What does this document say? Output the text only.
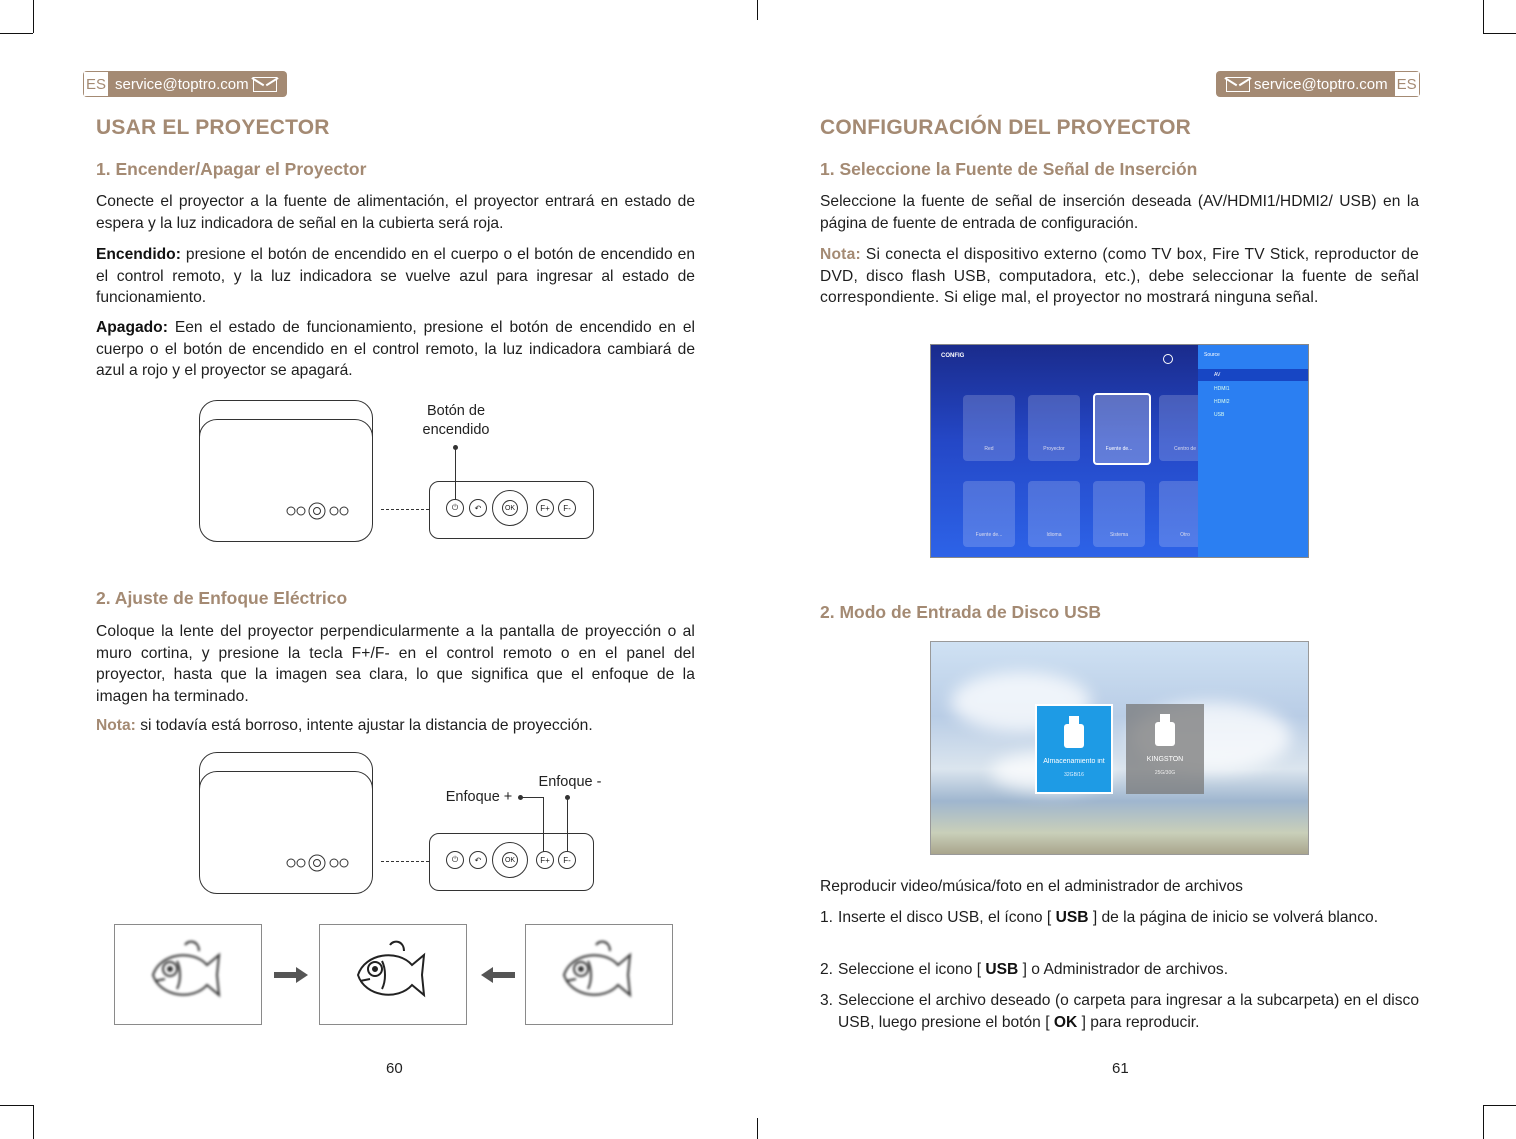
ES service@toptro.com
USAR EL PROYECTOR
1. Encender/Apagar el Proyector

Conecte el proyector a la fuente de alimentación, el proyector entrará en estado de espera y la luz indicadora de señal en la cubierta será roja.

Encendido: presione el botón de encendido en el cuerpo o el botón de encendido en el control remoto, y la luz indicadora se vuelve azul para ingresar al estado de funcionamiento.

Apagado: Een el estado de funcionamiento, presione el botón de encendido en el cuerpo o el botón de encendido en el control remoto, la luz indicadora cambiará de azul a rojo y el proyector se apagará.

⏻	↶	OK	F+	F-
Botón de
encendido
2. Ajuste de Enfoque Eléctrico

Coloque la lente del proyector perpendicularmente a la pantalla de proyección o al muro cortina, y presione la tecla F+/F- en el control remoto o en el panel del proyector, hasta que la imagen sea clara, lo que significa que el enfoque de la imagen ha terminado.

Nota: si todavía está borroso, intente ajustar la distancia de proyección.

⏻	↶	OK	F+	F-
Enfoque +
Enfoque -
60
service@toptro.com ES
CONFIGURACIÓN DEL PROYECTOR
1. Seleccione la Fuente de Señal de Inserción

Seleccione la fuente de señal de inserción deseada (AV/HDMI1/HDMI2/ USB) en la página de fuente de entrada de configuración.

Nota: Si conecta el dispositivo externo (como TV box, Fire TV Stick, reproductor de DVD, disco flash USB, computadora, etc.), debe seleccionar la fuente de señal correspondiente. Si elige mal, el proyector no mostrará ninguna señal.

CONFIG
Red	Proyector	Fuente de...	Centro de
Fuente de...	Idioma	Sistema	Otro
Source
AV
HDMI1
HDMI2
USB
2. Modo de Entrada de Disco USB
Almacenamiento int
32GB/16
KINGSTON
25G/30G

Reproducir video/música/foto en el administrador de archivos

1. Inserte el disco USB, el ícono [ USB ] de la página de inicio se volverá blanco.
2. Seleccione el icono [ USB ] o Administrador de archivos.
3. Seleccione el archivo deseado (o carpeta para ingresar a la subcarpeta) en el disco USB, luego presione el botón [ OK ] para reproducir.
61
